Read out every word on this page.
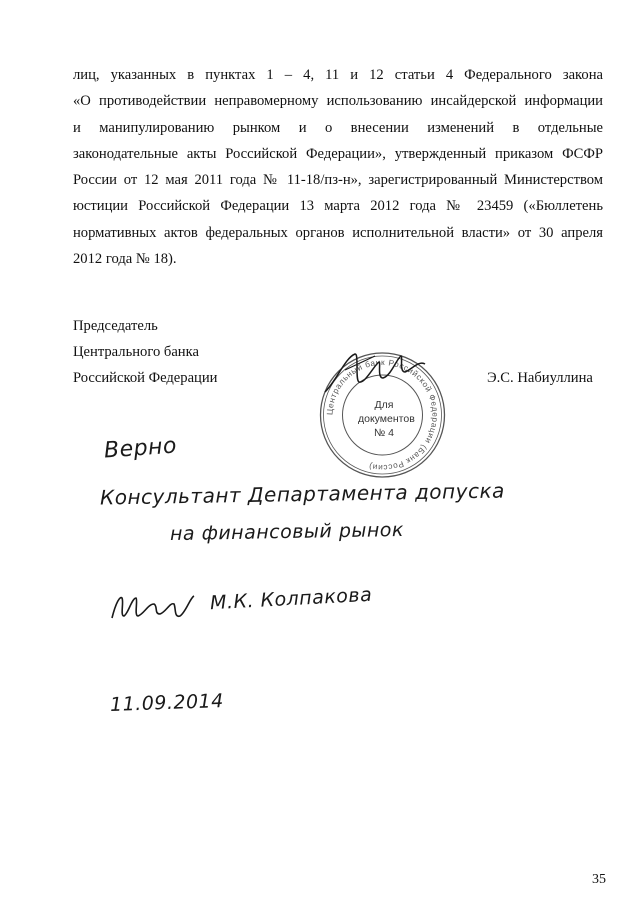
лиц, указанных в пунктах 1 – 4, 11 и 12 статьи 4 Федерального закона
«О противодействии неправомерному использованию инсайдерской информации
и манипулированию рынком и о внесении изменений в отдельные
законодательные акты Российской Федерации», утвержденный приказом ФСФР
России от 12 мая 2011 года № 11-18/пз-н», зарегистрированный Министерством
юстиции Российской Федерации 13 марта 2012 года № 23459 («Бюллетень
нормативных актов федеральных органов исполнительной власти» от 30 апреля
2012 года № 18).
Председатель
Центрального банка
Российской Федерации
Центральный банк Российской Федерации (Банк России)
Для
документов
№ 4
Э.С. Набиуллина
Верно
Консультант Департамента допуска
на финансовый рынок
М.К. Колпакова
11.09.2014
35
